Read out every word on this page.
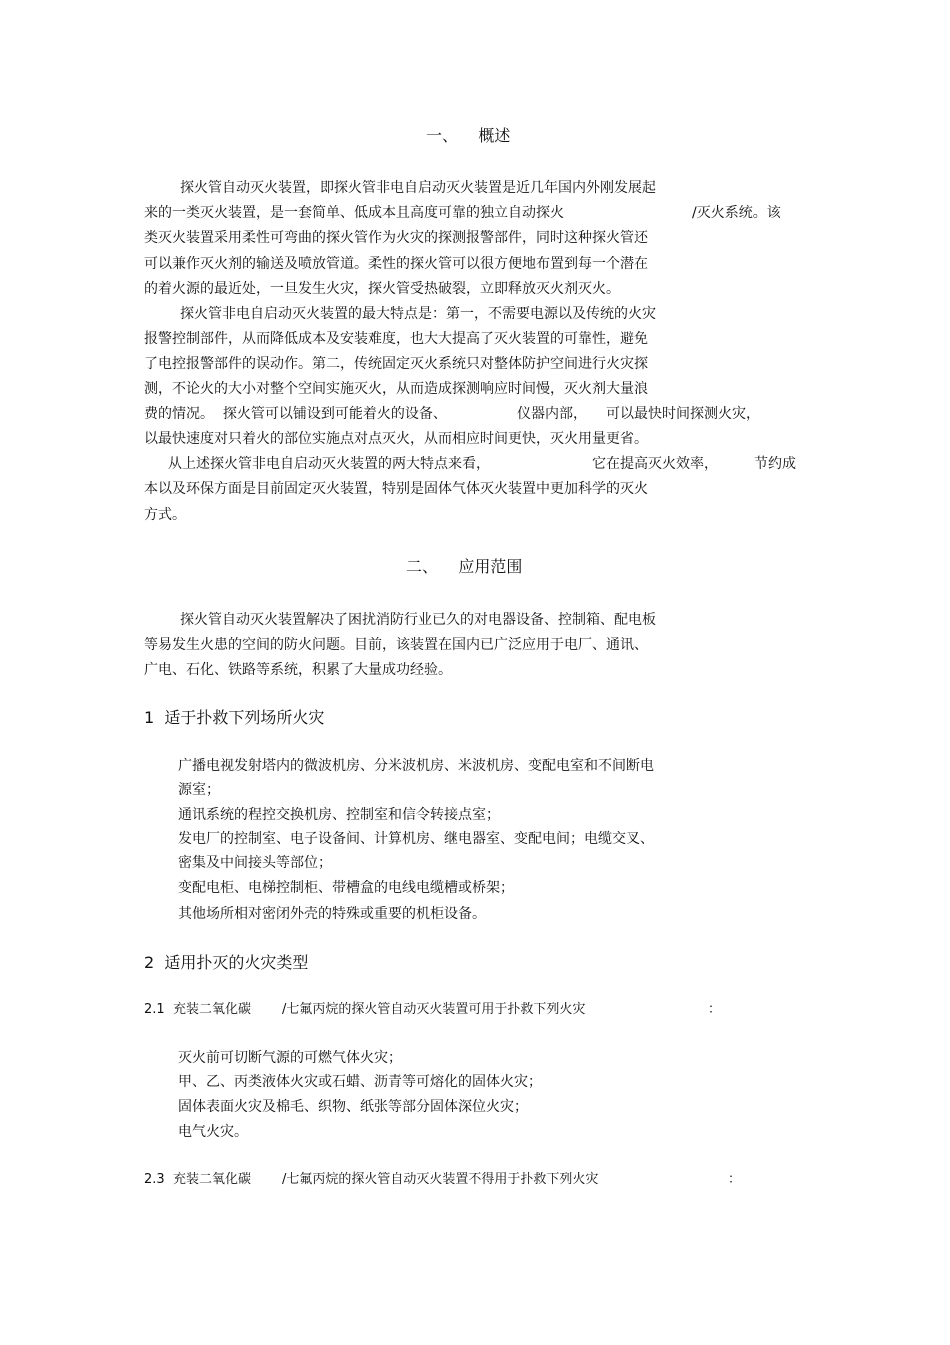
一、    概述
探火管自动灭火装置，即探火管非电自启动灭火装置是近几年国内外刚发展起
来的一类灭火装置，是一套简单、低成本且高度可靠的独立自动探火	/灭火系统。该
类灭火装置采用柔性可弯曲的探火管作为火灾的探测报警部件，同时这种探火管还
可以兼作灭火剂的输送及喷放管道。柔性的探火管可以很方便地布置到每一个潜在
的着火源的最近处，一旦发生火灾，探火管受热破裂，立即释放灭火剂灭火。
探火管非电自启动灭火装置的最大特点是：第一，不需要电源以及传统的火灾
报警控制部件，从而降低成本及安装难度，也大大提高了灭火装置的可靠性，避免
了电控报警部件的误动作。第二，传统固定灭火系统只对整体防护空间进行火灾探
测，不论火的大小对整个空间实施灭火，从而造成探测响应时间慢，灭火剂大量浪
费的情况。  探火管可以铺设到可能着火的设备、	仪器内部， 可以最快时间探测火灾，
以最快速度对只着火的部位实施点对点灭火，从而相应时间更快，灭火用量更省。
从上述探火管非电自启动灭火装置的两大特点来看，	它在提高灭火效率，	节约成
本以及环保方面是目前固定灭火装置，特别是固体气体灭火装置中更加科学的灭火
方式。
二、    应用范围
探火管自动灭火装置解决了困扰消防行业已久的对电器设备、控制箱、配电板
等易发生火患的空间的防火问题。目前，该装置在国内已广泛应用于电厂、通讯、
广电、石化、铁路等系统，积累了大量成功经验。
1  适于扑救下列场所火灾
广播电视发射塔内的微波机房、分米波机房、米波机房、变配电室和不间断电
源室；
通讯系统的程控交换机房、控制室和信令转接点室；
发电厂的控制室、电子设备间、计算机房、继电器室、变配电间；电缆交叉、
密集及中间接头等部位；
变配电柜、电梯控制柜、带槽盒的电线电缆槽或桥架；
其他场所相对密闭外壳的特殊或重要的机柜设备。
2  适用扑灭的火灾类型
2.1  充装二氧化碳 /七氟丙烷的探火管自动灭火装置可用于扑救下列火灾	：
灭火前可切断气源的可燃气体火灾；
甲、乙、丙类液体火灾或石蜡、沥青等可熔化的固体火灾；
固体表面火灾及棉毛、织物、纸张等部分固体深位火灾；
电气火灾。
2.3  充装二氧化碳 /七氟丙烷的探火管自动灭火装置不得用于扑救下列火灾	：
